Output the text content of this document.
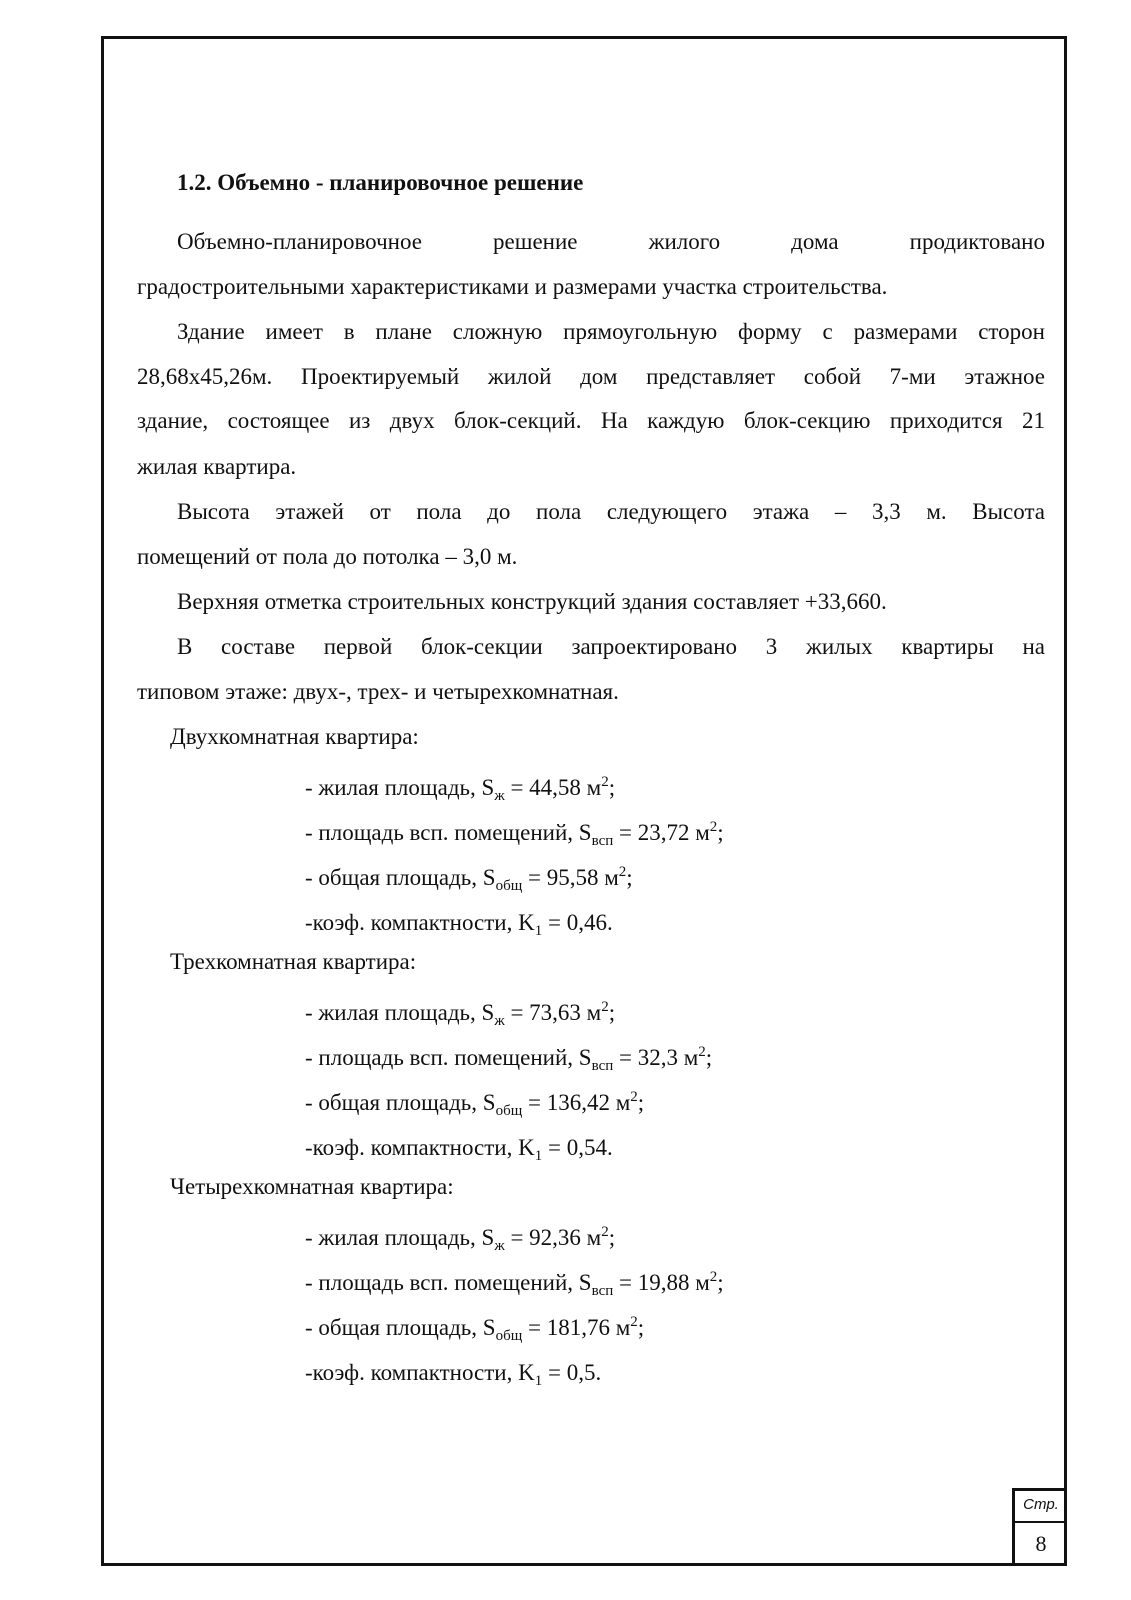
1.2. Объемно - планировочное решение
Объемно-планировочное решение жилого дома продиктовано
градостроительными характеристиками и размерами участка строительства.
Здание имеет в плане сложную прямоугольную форму с размерами сторон
28,68х45,26м. Проектируемый жилой дом представляет собой 7-ми этажное
здание, состоящее из двух блок-секций. На каждую блок-секцию приходится 21
жилая квартира.
Высота этажей от пола до пола следующего этажа – 3,3 м. Высота
помещений от пола до потолка – 3,0 м.
Верхняя отметка строительных конструкций здания составляет +33,660.
В составе первой блок-секции запроектировано 3 жилых квартиры на
типовом этаже: двух-, трех- и четырехкомнатная.
Двухкомнатная квартира:
- жилая площадь, $S_ж = 44,58$ $м^2$;
- площадь всп. помещений, $S_{всп} = 23,72$ $м^2$;
- общая площадь, $S_{общ} = 95,58$ $м^2$;
-коэф. компактности, $K_1 = 0,46$.
Трехкомнатная квартира:
- жилая площадь, $S_ж = 73,63$ $м^2$;
- площадь всп. помещений, $S_{всп} = 32,3$ $м^2$;
- общая площадь, $S_{общ} = 136,42$ $м^2$;
-коэф. компактности, $K_1 = 0,54$.
Четырехкомнатная квартира:
- жилая площадь, $S_ж = 92,36$ $м^2$;
- площадь всп. помещений, $S_{всп} = 19,88$ $м^2$;
- общая площадь, $S_{общ} = 181,76$ $м^2$;
-коэф. компактности, $K_1 = 0,5$.
Стр.
8
